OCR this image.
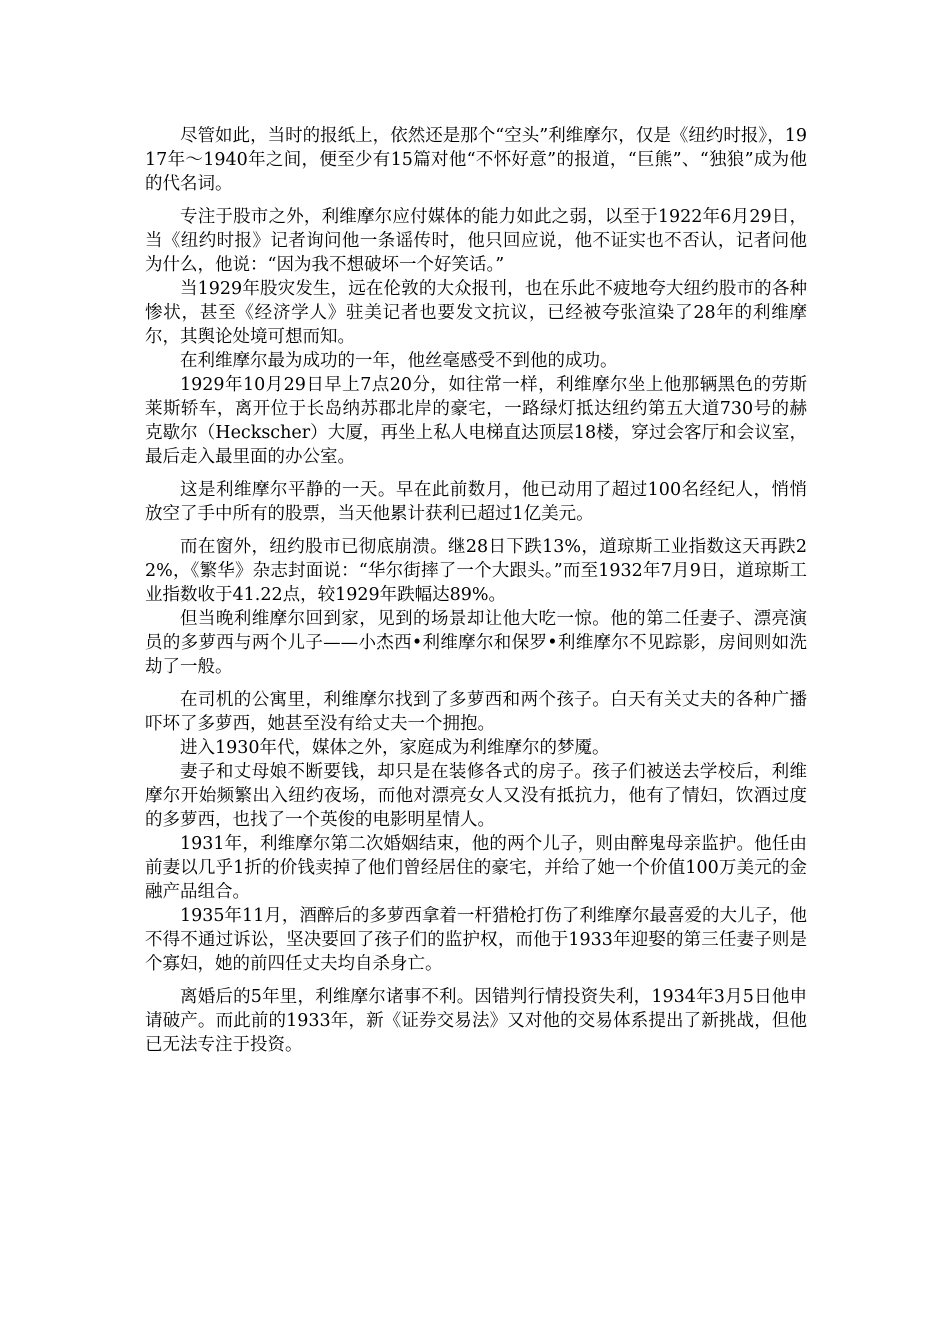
尽管如此，当时的报纸上，依然还是那个“空头”利维摩尔，仅是《纽约时报》，1917年～1940年之间，便至少有15篇对他“不怀好意”的报道，“巨熊”、“独狼”成为他的代名词。

专注于股市之外，利维摩尔应付媒体的能力如此之弱，以至于1922年6月29日，当《纽约时报》记者询问他一条谣传时，他只回应说，他不证实也不否认，记者问他为什么，他说：“因为我不想破坏一个好笑话。”

当1929年股灾发生，远在伦敦的大众报刊，也在乐此不疲地夸大纽约股市的各种惨状，甚至《经济学人》驻美记者也要发文抗议，已经被夸张渲染了28年的利维摩尔，其舆论处境可想而知。

在利维摩尔最为成功的一年，他丝毫感受不到他的成功。

1929年10月29日早上7点20分，如往常一样，利维摩尔坐上他那辆黑色的劳斯莱斯轿车，离开位于长岛纳苏郡北岸的豪宅，一路绿灯抵达纽约第五大道730号的赫克歇尔（Heckscher）大厦，再坐上私人电梯直达顶层18楼，穿过会客厅和会议室，最后走入最里面的办公室。

这是利维摩尔平静的一天。早在此前数月，他已动用了超过100名经纪人，悄悄放空了手中所有的股票，当天他累计获利已超过1亿美元。

而在窗外，纽约股市已彻底崩溃。继28日下跌13%，道琼斯工业指数这天再跌22%，《繁华》杂志封面说：“华尔街摔了一个大跟头。”而至1932年7月9日，道琼斯工业指数收于41.22点，较1929年跌幅达89%。

但当晚利维摩尔回到家，见到的场景却让他大吃一惊。他的第二任妻子、漂亮演员的多萝西与两个儿子——小杰西•利维摩尔和保罗•利维摩尔不见踪影，房间则如洗劫了一般。

在司机的公寓里，利维摩尔找到了多萝西和两个孩子。白天有关丈夫的各种广播吓坏了多萝西，她甚至没有给丈夫一个拥抱。

进入1930年代，媒体之外，家庭成为利维摩尔的梦魇。

妻子和丈母娘不断要钱，却只是在装修各式的房子。孩子们被送去学校后，利维摩尔开始频繁出入纽约夜场，而他对漂亮女人又没有抵抗力，他有了情妇，饮酒过度的多萝西，也找了一个英俊的电影明星情人。

1931年，利维摩尔第二次婚姻结束，他的两个儿子，则由醉鬼母亲监护。他任由前妻以几乎1折的价钱卖掉了他们曾经居住的豪宅，并给了她一个价值100万美元的金融产品组合。

1935年11月，酒醉后的多萝西拿着一杆猎枪打伤了利维摩尔最喜爱的大儿子，他不得不通过诉讼，坚决要回了孩子们的监护权，而他于1933年迎娶的第三任妻子则是个寡妇，她的前四任丈夫均自杀身亡。

离婚后的5年里，利维摩尔诸事不利。因错判行情投资失利，1934年3月5日他申请破产。而此前的1933年，新《证券交易法》又对他的交易体系提出了新挑战，但他已无法专注于投资。
